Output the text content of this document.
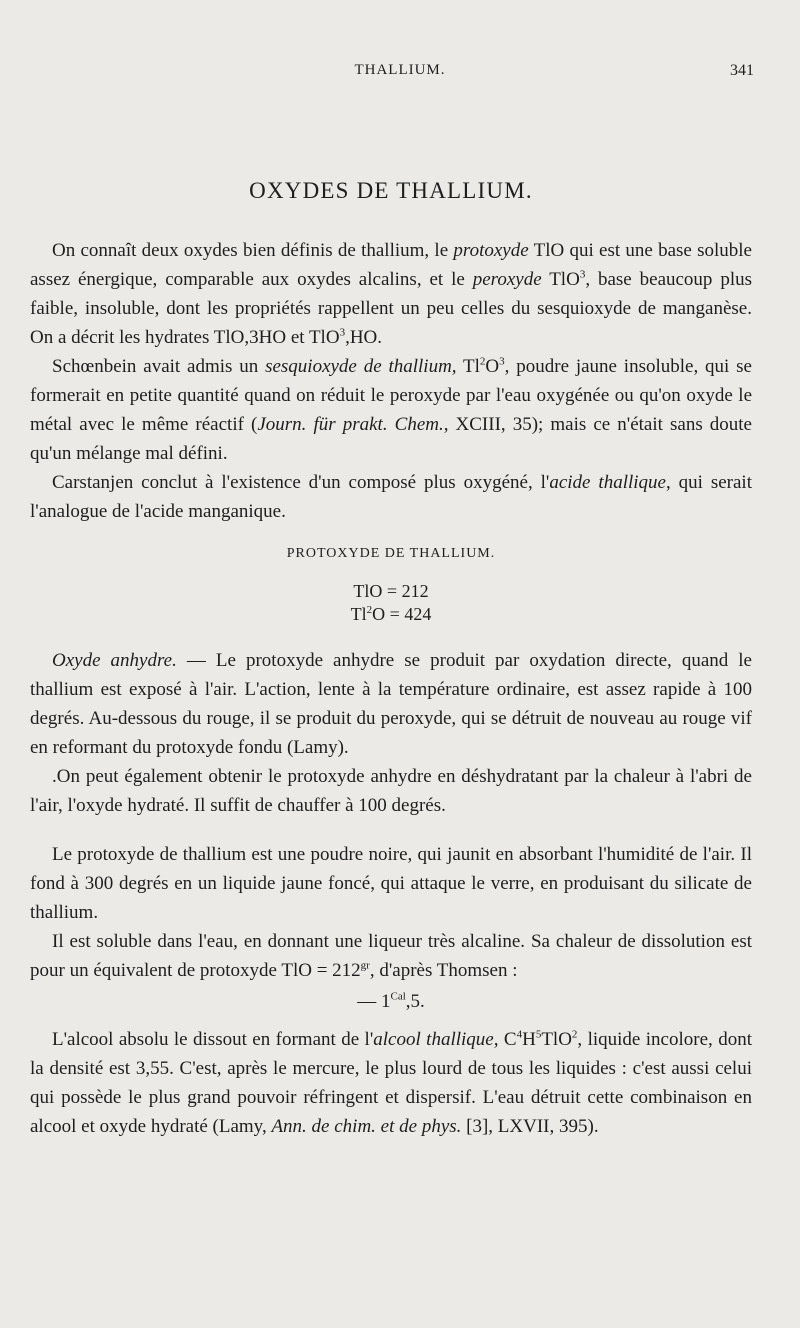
THALLIUM.	341
OXYDES DE THALLIUM.

On connaît deux oxydes bien définis de thallium, le protoxyde TlO qui est une base soluble assez énergique, comparable aux oxydes alcalins, et le peroxyde TlO$^3$, base beaucoup plus faible, insoluble, dont les propriétés rappellent un peu celles du sesquioxyde de manganèse. On a décrit les hydrates TlO,3HO et TlO$^3$,HO.

Schœnbein avait admis un sesquioxyde de thallium, $Tl^2O^3$, poudre jaune insoluble, qui se formerait en petite quantité quand on réduit le peroxyde par l'eau oxygénée ou qu'on oxyde le métal avec le même réactif (Journ. für prakt. Chem., XCIII, 35); mais ce n'était sans doute qu'un mélange mal défini.

Carstanjen conclut à l'existence d'un composé plus oxygéné, l'acide thallique, qui serait l'analogue de l'acide manganique.

PROTOXYDE DE THALLIUM.
TlO = 212
$Tl^2O = 424$

Oxyde anhydre. — Le protoxyde anhydre se produit par oxydation directe, quand le thallium est exposé à l'air. L'action, lente à la température ordinaire, est assez rapide à 100 degrés. Au-dessous du rouge, il se produit du peroxyde, qui se détruit de nouveau au rouge vif en reformant du protoxyde fondu (Lamy).

.On peut également obtenir le protoxyde anhydre en déshydratant par la chaleur à l'abri de l'air, l'oxyde hydraté. Il suffit de chauffer à 100 degrés.

Le protoxyde de thallium est une poudre noire, qui jaunit en absorbant l'humidité de l'air. Il fond à 300 degrés en un liquide jaune foncé, qui attaque le verre, en produisant du silicate de thallium.

Il est soluble dans l'eau, en donnant une liqueur très alcaline. Sa chaleur de dissolution est pour un équivalent de protoxyde TlO = $212^{gr}$, d'après Thomsen :

— $1^{Cal},5$.

L'alcool absolu le dissout en formant de l'alcool thallique, $C^4H^5TlO^2$, liquide incolore, dont la densité est 3,55. C'est, après le mercure, le plus lourd de tous les liquides : c'est aussi celui qui possède le plus grand pouvoir réfringent et dispersif. L'eau détruit cette combinaison en alcool et oxyde hydraté (Lamy, Ann. de chim. et de phys. [3], LXVII, 395).
